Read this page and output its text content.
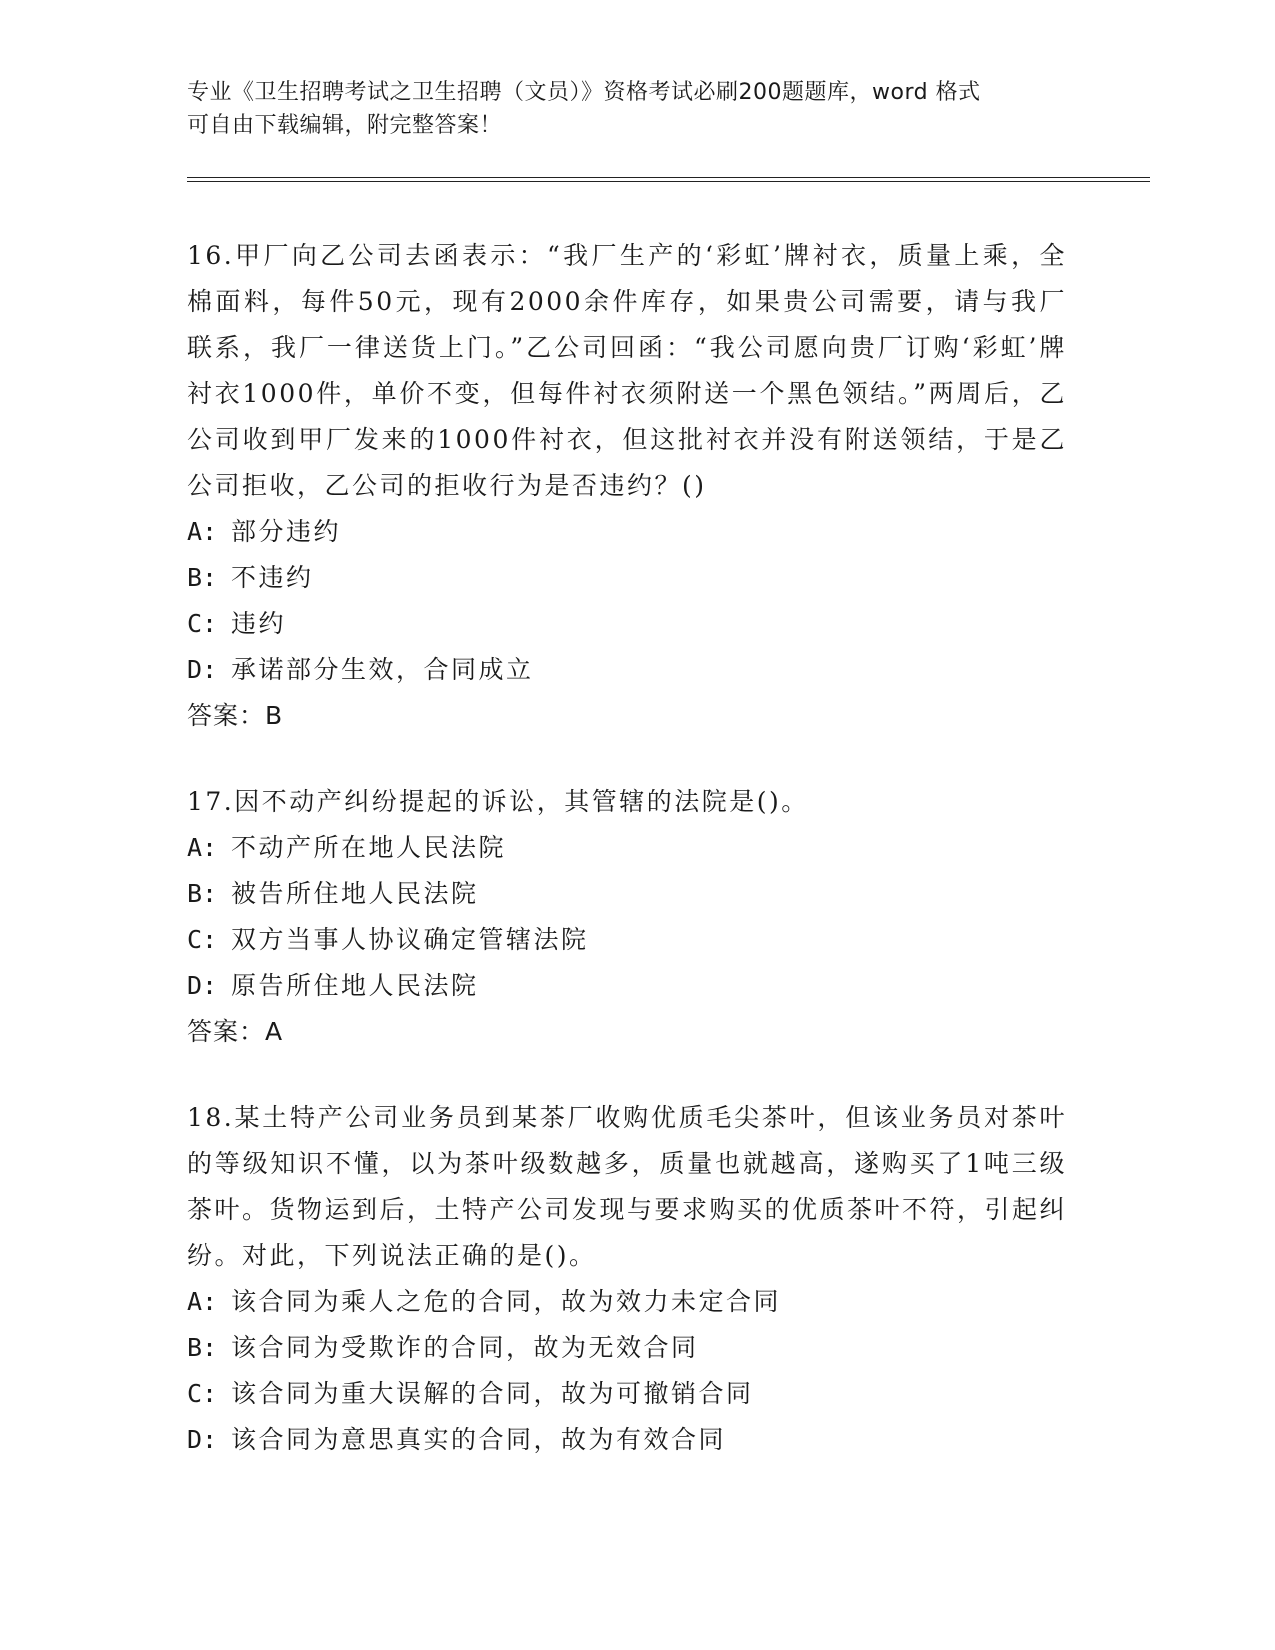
专业《卫生招聘考试之卫生招聘（文员）》资格考试必刷200题题库，word 格式
可自由下载编辑，附完整答案！

16.甲厂向乙公司去函表示：“我厂生产的‘彩虹’牌衬衣，质量上乘，全棉面料，每件50元，现有2000余件库存，如果贵公司需要，请与我厂联系，我厂一律送货上门。”乙公司回函：“我公司愿向贵厂订购‘彩虹’牌衬衣1000件，单价不变，但每件衬衣须附送一个黑色领结。”两周后，乙公司收到甲厂发来的1000件衬衣，但这批衬衣并没有附送领结，于是乙公司拒收，乙公司的拒收行为是否违约？()

A: 部分违约

B: 不违约

C: 违约

D: 承诺部分生效，合同成立

答案：B

17.因不动产纠纷提起的诉讼，其管辖的法院是()。

A: 不动产所在地人民法院

B: 被告所住地人民法院

C: 双方当事人协议确定管辖法院

D: 原告所住地人民法院

答案：A

18.某土特产公司业务员到某茶厂收购优质毛尖茶叶，但该业务员对茶叶的等级知识不懂，以为茶叶级数越多，质量也就越高，遂购买了1吨三级茶叶。货物运到后，土特产公司发现与要求购买的优质茶叶不符，引起纠纷。对此，下列说法正确的是()。

A: 该合同为乘人之危的合同，故为效力未定合同

B: 该合同为受欺诈的合同，故为无效合同

C: 该合同为重大误解的合同，故为可撤销合同

D: 该合同为意思真实的合同，故为有效合同
